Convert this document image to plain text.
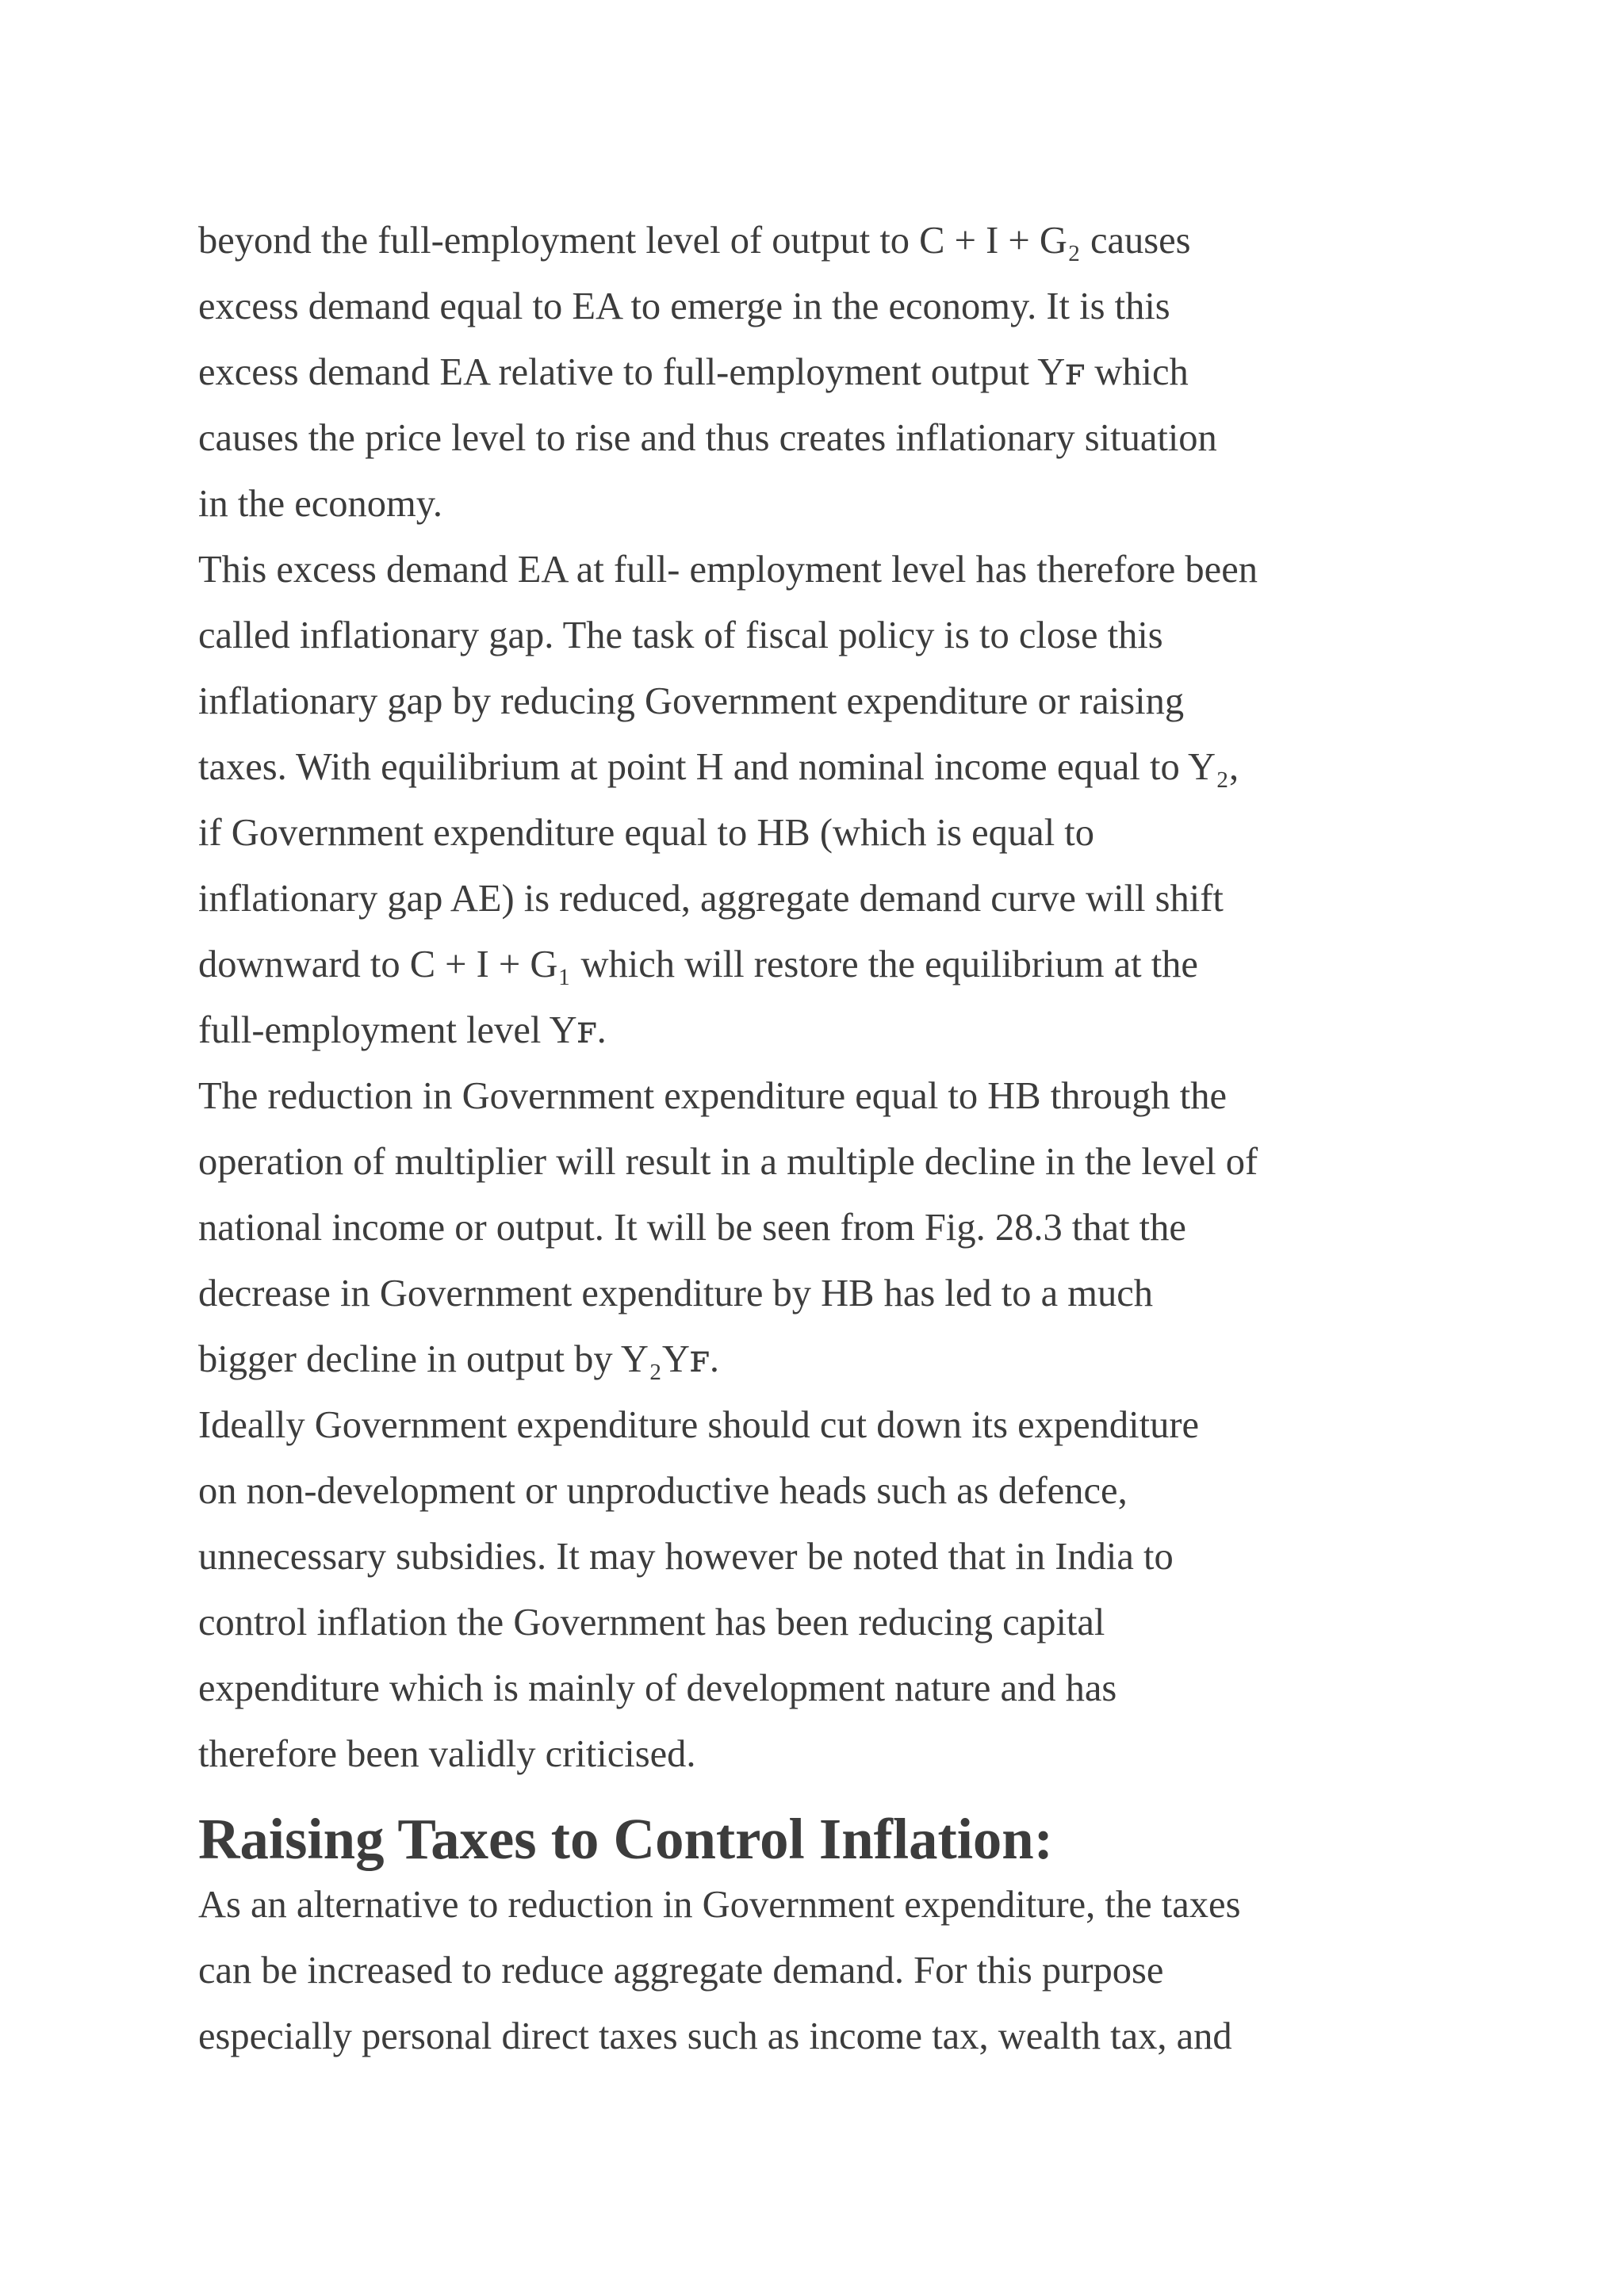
beyond the full-employment level of output to C + I + G₂ causes
excess demand equal to EA to emerge in the economy. It is this
excess demand EA relative to full-employment output Yꜰ which
causes the price level to rise and thus creates inflationary situation
in the economy.

This excess demand EA at full- employment level has therefore been
called inflationary gap. The task of fiscal policy is to close this
inflationary gap by reducing Government expenditure or raising
taxes. With equilibrium at point H and nominal income equal to Y₂,
if Government expenditure equal to HB (which is equal to
inflationary gap AE) is reduced, aggregate demand curve will shift
downward to C + I + G₁ which will restore the equilibrium at the
full-employment level Yꜰ.

The reduction in Government expenditure equal to HB through the
operation of multiplier will result in a multiple decline in the level of
national income or output. It will be seen from Fig. 28.3 that the
decrease in Government expenditure by HB has led to a much
bigger decline in output by Y₂Yꜰ.

Ideally Government expenditure should cut down its expenditure
on non-development or unproductive heads such as defence,
unnecessary subsidies. It may however be noted that in India to
control inflation the Government has been reducing capital
expenditure which is mainly of development nature and has
therefore been validly criticised.

Raising Taxes to Control Inflation:

As an alternative to reduction in Government expenditure, the taxes
can be increased to reduce aggregate demand. For this purpose
especially personal direct taxes such as income tax, wealth tax, and
